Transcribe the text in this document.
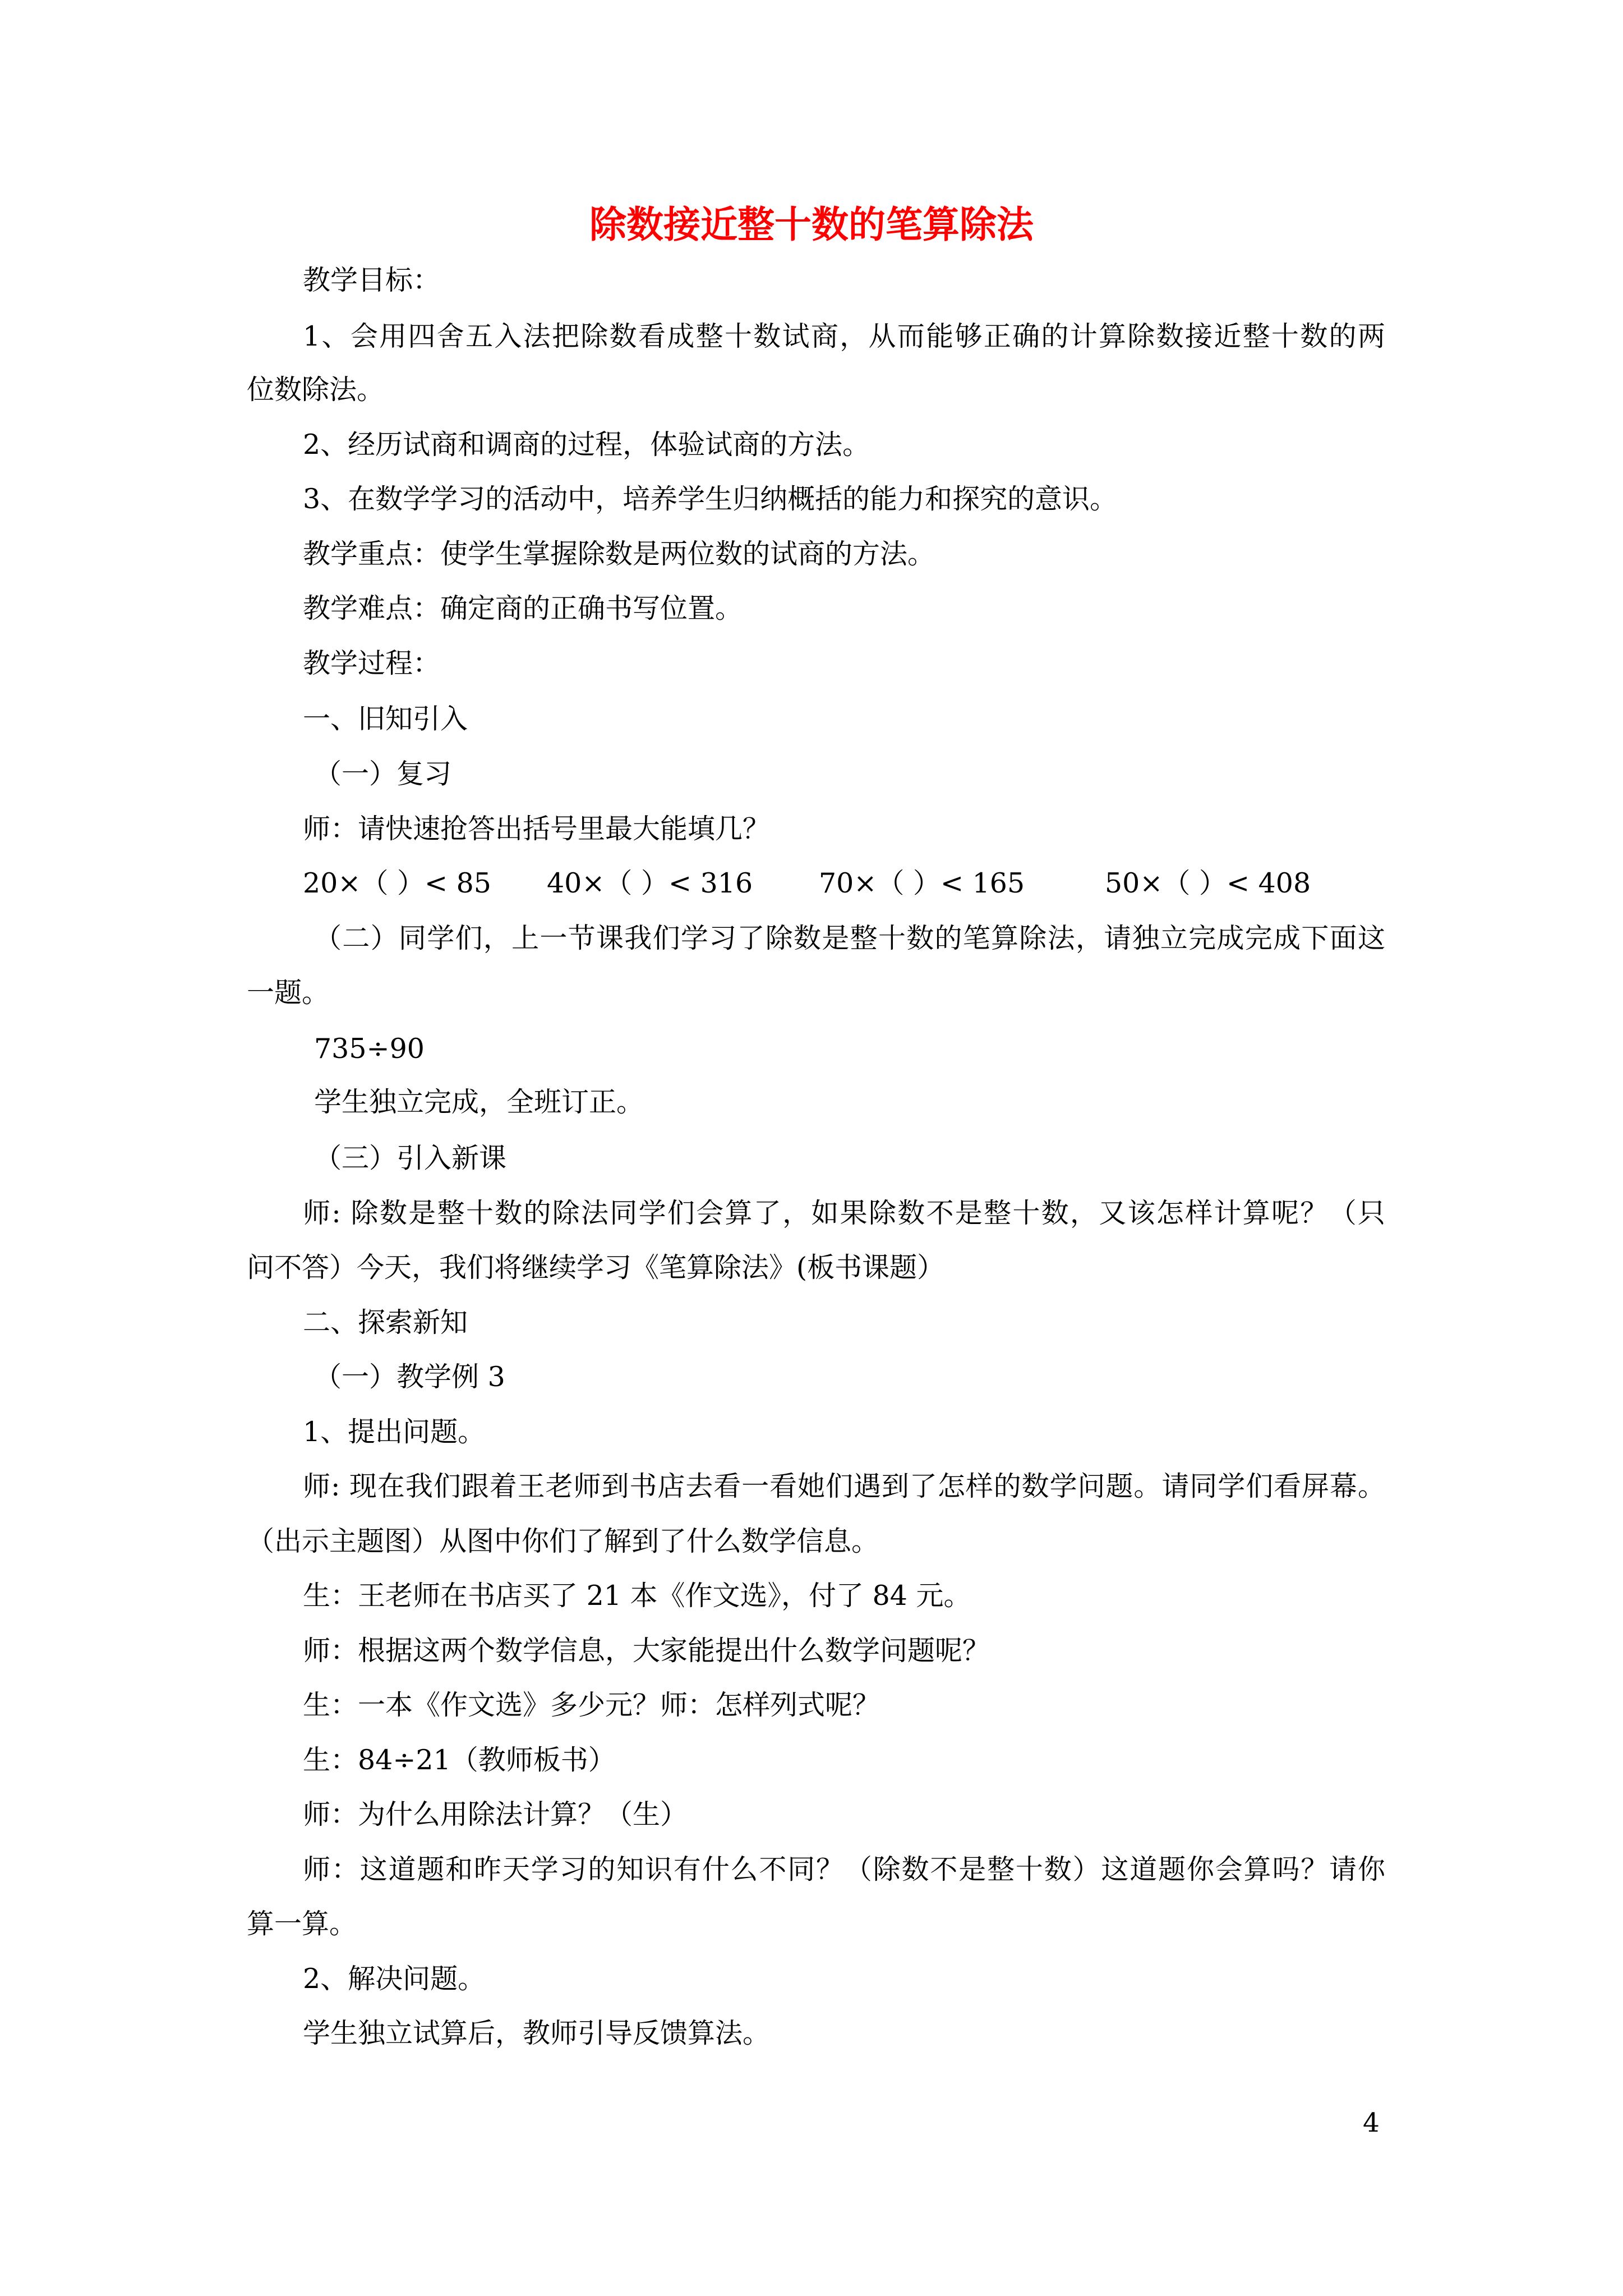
除数接近整十数的笔算除法
教学目标：
1、会用四舍五入法把除数看成整十数试商，从而能够正确的计算除数接近整十数的两
位数除法。
2、经历试商和调商的过程，体验试商的方法。
3、在数学学习的活动中，培养学生归纳概括的能力和探究的意识。
教学重点：使学生掌握除数是两位数的试商的方法。
教学难点：确定商的正确书写位置。
教学过程：
一、旧知引入
（一）复习
师：请快速抢答出括号里最大能填几？
20×（ ）< 85 40×（ ）< 316 70×（ ）< 165	50×（ ）< 408
（二）同学们，上一节课我们学习了除数是整十数的笔算除法，请独立完成完成下面这
一题。
735÷90
学生独立完成，全班订正。
（三）引入新课
师: 除数是整十数的除法同学们会算了，如果除数不是整十数，又该怎样计算呢？（只
问不答）今天，我们将继续学习《笔算除法》(板书课题）
二、探索新知
（一）教学例 3
1、提出问题。
师: 现在我们跟着王老师到书店去看一看她们遇到了怎样的数学问题。请同学们看屏幕。
（出示主题图）从图中你们了解到了什么数学信息。
生：王老师在书店买了 21 本《作文选》，付了 84 元。
师：根据这两个数学信息，大家能提出什么数学问题呢？
生：一本《作文选》多少元？师：怎样列式呢？
生：84÷21（教师板书）
师：为什么用除法计算？（生）
师：这道题和昨天学习的知识有什么不同？（除数不是整十数）这道题你会算吗？请你
算一算。
2、解决问题。
学生独立试算后，教师引导反馈算法。
4
